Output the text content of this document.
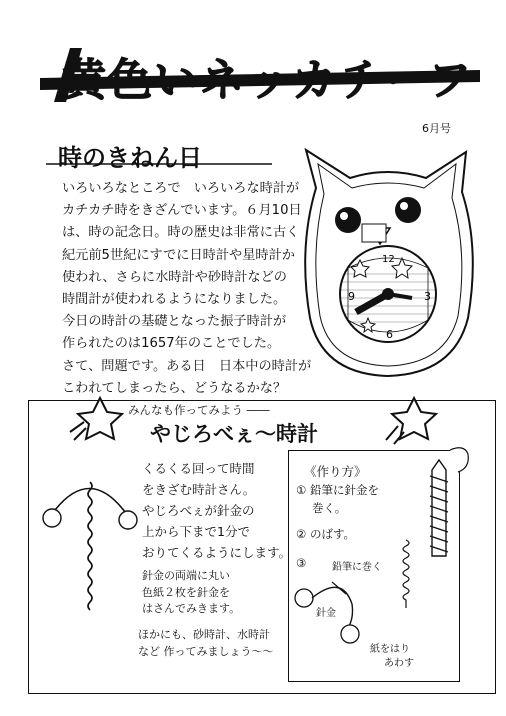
黄色いネッカチーフ
6月号
時のきねん日
いろいろなところで　いろいろな時計が
カチカチ時をきざんでいます。６月10日
は、時の記念日。時の歴史は非常に古く
紀元前5世紀にすでに日時計や星時計か
使われ、さらに水時計や砂時計などの
時間計が使われるようになりました。
今日の時計の基礎となった振子時計が
作られたのは1657年のことでした。
さて、問題です。ある日　日本中の時計が
こわれてしまったら、どうなるかな？
12
3
6
9
みんなも作ってみよう ――
やじろべぇ～時計
くるくる回って時間
をきざむ時計さん。
やじろべぇが針金の
上から下まで1分で
おりてくるようにします。
針金の両端に丸い
色紙２枚を針金を
はさんでみきます。
ほかにも、砂時計、水時計
など 作ってみましょう～～
《作り方》
① 鉛筆に針金を
巻く。
② のばす。
③	鉛筆に巻く
針金
紙をはり
あわす
